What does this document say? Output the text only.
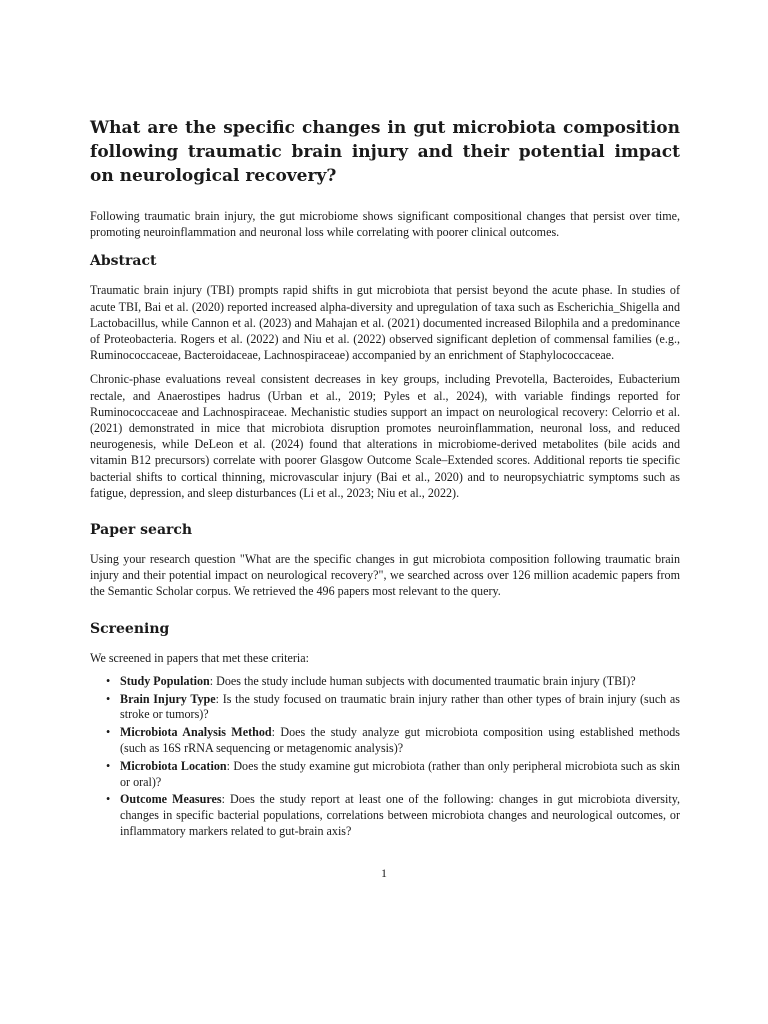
What are the specific changes in gut microbiota composition following traumatic brain injury and their potential impact on neurological recovery?

Following traumatic brain injury, the gut microbiome shows significant compositional changes that persist over time, promoting neuroinflammation and neuronal loss while correlating with poorer clinical outcomes.

Abstract

Traumatic brain injury (TBI) prompts rapid shifts in gut microbiota that persist beyond the acute phase. In studies of acute TBI, Bai et al. (2020) reported increased alpha-diversity and upregulation of taxa such as Escherichia_Shigella and Lactobacillus, while Cannon et al. (2023) and Mahajan et al. (2021) documented increased Bilophila and a predominance of Proteobacteria. Rogers et al. (2022) and Niu et al. (2022) observed significant depletion of commensal families (e.g., Ruminococcaceae, Bacteroidaceae, Lachnospiraceae) accompanied by an enrichment of Staphylococcaceae.

Chronic-phase evaluations reveal consistent decreases in key groups, including Prevotella, Bacteroides, Eubacterium rectale, and Anaerostipes hadrus (Urban et al., 2019; Pyles et al., 2024), with variable findings reported for Ruminococcaceae and Lachnospiraceae. Mechanistic studies support an impact on neurological recovery: Celorrio et al. (2021) demonstrated in mice that microbiota disruption promotes neuroinflammation, neuronal loss, and reduced neurogenesis, while DeLeon et al. (2024) found that alterations in microbiome-derived metabolites (bile acids and vitamin B12 precursors) correlate with poorer Glasgow Outcome Scale–Extended scores. Additional reports tie specific bacterial shifts to cortical thinning, microvascular injury (Bai et al., 2020) and to neuropsychiatric symptoms such as fatigue, depression, and sleep disturbances (Li et al., 2023; Niu et al., 2022).

Paper search

Using your research question "What are the specific changes in gut microbiota composition following traumatic brain injury and their potential impact on neurological recovery?", we searched across over 126 million academic papers from the Semantic Scholar corpus. We retrieved the 496 papers most relevant to the query.

Screening

We screened in papers that met these criteria:

• Study Population: Does the study include human subjects with documented traumatic brain injury (TBI)?
• Brain Injury Type: Is the study focused on traumatic brain injury rather than other types of brain injury (such as stroke or tumors)?
• Microbiota Analysis Method: Does the study analyze gut microbiota composition using established methods (such as 16S rRNA sequencing or metagenomic analysis)?
• Microbiota Location: Does the study examine gut microbiota (rather than only peripheral microbiota such as skin or oral)?
• Outcome Measures: Does the study report at least one of the following: changes in gut microbiota diversity, changes in specific bacterial populations, correlations between microbiota changes and neurological outcomes, or inflammatory markers related to gut-brain axis?
1
